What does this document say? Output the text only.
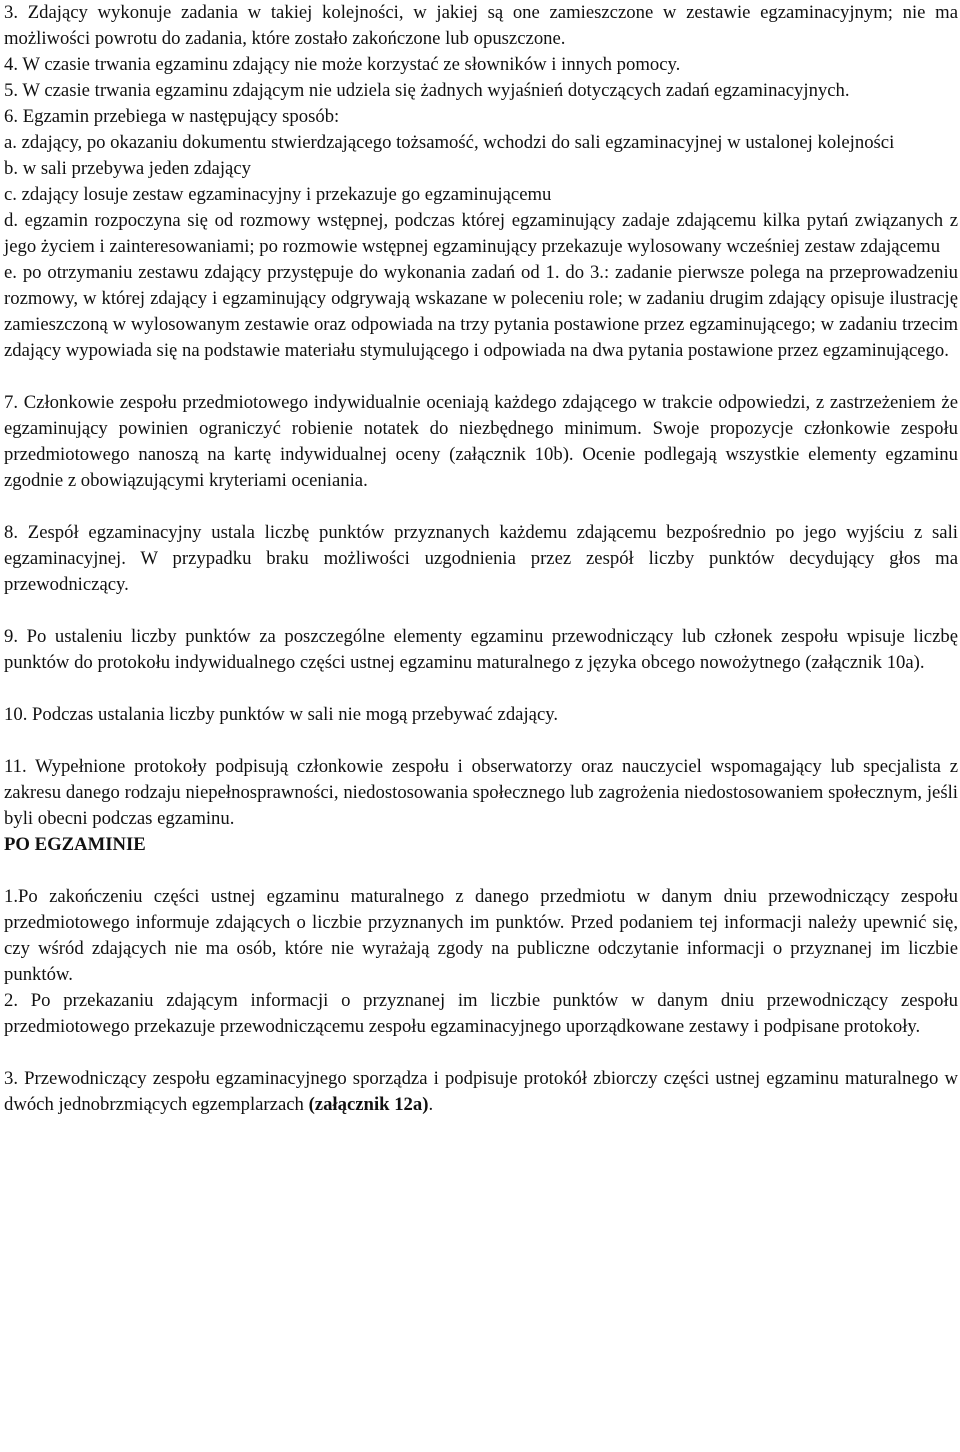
3. Zdający wykonuje zadania w takiej kolejności, w jakiej są one zamieszczone w zestawie egzaminacyjnym; nie ma możliwości powrotu do zadania, które zostało zakończone lub opuszczone.

4. W czasie trwania egzaminu zdający nie może korzystać ze słowników i innych pomocy.

5. W czasie trwania egzaminu zdającym nie udziela się żadnych wyjaśnień dotyczących zadań egzaminacyjnych.

6. Egzamin przebiega w następujący sposób:

a. zdający, po okazaniu dokumentu stwierdzającego tożsamość, wchodzi do sali egzaminacyjnej w ustalonej kolejności

b. w sali przebywa jeden zdający

c. zdający losuje zestaw egzaminacyjny i przekazuje go egzaminującemu

d. egzamin rozpoczyna się od rozmowy wstępnej, podczas której egzaminujący zadaje zdającemu kilka pytań związanych z jego życiem i zainteresowaniami; po rozmowie wstępnej egzaminujący przekazuje wylosowany wcześniej zestaw zdającemu

e. po otrzymaniu zestawu zdający przystępuje do wykonania zadań od 1. do 3.: zadanie pierwsze polega na przeprowadzeniu rozmowy, w której zdający i egzaminujący odgrywają wskazane w poleceniu role; w zadaniu drugim zdający opisuje ilustrację zamieszczoną w wylosowanym zestawie oraz odpowiada na trzy pytania postawione przez egzaminującego; w zadaniu trzecim zdający wypowiada się na podstawie materiału stymulującego i odpowiada na dwa pytania postawione przez egzaminującego.

7. Członkowie zespołu przedmiotowego indywidualnie oceniają każdego zdającego w trakcie odpowiedzi, z zastrzeżeniem że egzaminujący powinien ograniczyć robienie notatek do niezbędnego minimum. Swoje propozycje członkowie zespołu przedmiotowego nanoszą na kartę indywidualnej oceny (załącznik 10b). Ocenie podlegają wszystkie elementy egzaminu zgodnie z obowiązującymi kryteriami oceniania.

8. Zespół egzaminacyjny ustala liczbę punktów przyznanych każdemu zdającemu bezpośrednio po jego wyjściu z sali egzaminacyjnej. W przypadku braku możliwości uzgodnienia przez zespół liczby punktów decydujący głos ma przewodniczący.

9. Po ustaleniu liczby punktów za poszczególne elementy egzaminu przewodniczący lub członek zespołu wpisuje liczbę punktów do protokołu indywidualnego części ustnej egzaminu maturalnego z języka obcego nowożytnego (załącznik 10a).

10. Podczas ustalania liczby punktów w sali nie mogą przebywać zdający.

11. Wypełnione protokoły podpisują członkowie zespołu i obserwatorzy oraz nauczyciel wspomagający lub specjalista z zakresu danego rodzaju niepełnosprawności, niedostosowania społecznego lub zagrożenia niedostosowaniem społecznym, jeśli byli obecni podczas egzaminu.

PO EGZAMINIE

1.Po zakończeniu części ustnej egzaminu maturalnego z danego przedmiotu w danym dniu przewodniczący zespołu przedmiotowego informuje zdających o liczbie przyznanych im punktów. Przed podaniem tej informacji należy upewnić się, czy wśród zdających nie ma osób, które nie wyrażają zgody na publiczne odczytanie informacji o przyznanej im liczbie punktów.

2. Po przekazaniu zdającym informacji o przyznanej im liczbie punktów w danym dniu przewodniczący zespołu przedmiotowego przekazuje przewodniczącemu zespołu egzaminacyjnego uporządkowane zestawy i podpisane protokoły.

3. Przewodniczący zespołu egzaminacyjnego sporządza i podpisuje protokół zbiorczy części ustnej egzaminu maturalnego w dwóch jednobrzmiących egzemplarzach (załącznik 12a).
